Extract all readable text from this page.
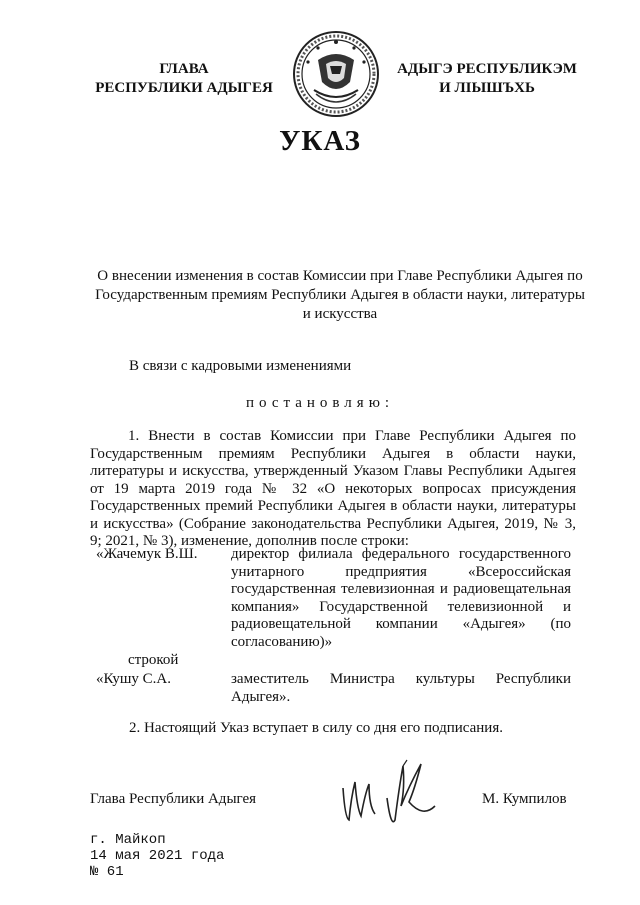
ГЛАВА
РЕСПУБЛИКИ АДЫГЕЯ
АДЫГЭ РЕСПУБЛИКЭМ
И ЛІЫШЪХЬ
УКАЗ
О внесении изменения в состав Комиссии при Главе Республики Адыгея по Государственным премиям Республики Адыгея в области науки, литературы и искусства
В связи с кадровыми изменениями
постановляю:

1. Внести в состав Комиссии при Главе Республики Адыгея по Государственным премиям Республики Адыгея в области науки, литературы и искусства, утвержденный Указом Главы Республики Адыгея от 19 марта 2019 года № 32 «О некоторых вопросах присуждения Государственных премий Республики Адыгея в области науки, литературы и искусства» (Собрание законодательства Республики Адыгея, 2019, № 3, 9; 2021, № 3), изменение, дополнив после строки:

«Жачемук В.Ш. директор филиала федерального государственного унитарного предприятия «Всероссийская государственная телевизионная и радиовещательная компания» Государственной телевизионной и радиовещательной компании «Адыгея» (по согласованию)»
строкой
«Кушу С.А.	заместитель Министра культуры Республики Адыгея».
2. Настоящий Указ вступает в силу со дня его подписания.
Глава Республики Адыгея	М. Кумпилов
г. Майкоп
14 мая 2021 года
№ 61
